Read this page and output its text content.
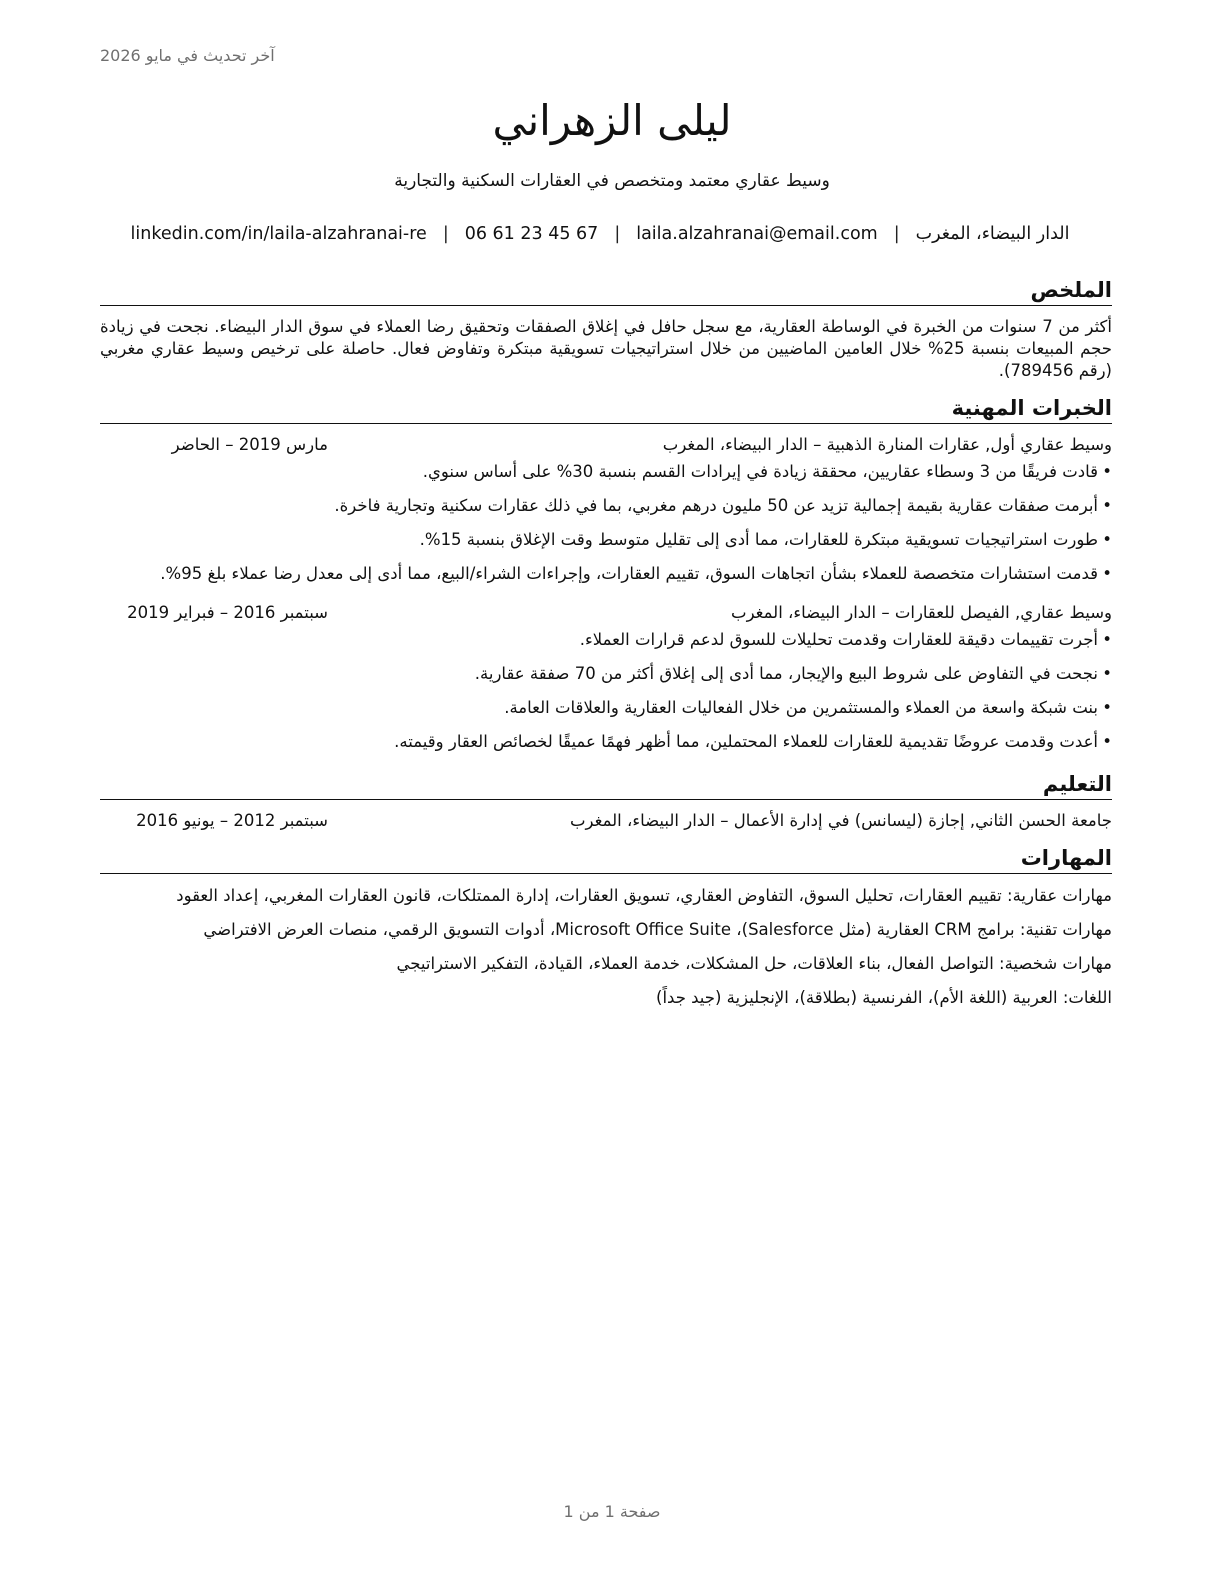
آخر تحديث في مايو 2026
ليلى الزهراني
وسيط عقاري معتمد ومتخصص في العقارات السكنية والتجارية
الدار البيضاء، المغرب
|
laila.alzahranai@email.com
|
06 61 23 45 67
|
linkedin.com/in/laila-alzahranai-re
الملخص

أكثر من 7 سنوات من الخبرة في الوساطة العقارية، مع سجل حافل في إغلاق الصفقات وتحقيق رضا العملاء في سوق الدار البيضاء. نجحت في زيادة حجم المبيعات بنسبة 25% خلال العامين الماضيين من خلال استراتيجيات تسويقية مبتكرة وتفاوض فعال. حاصلة على ترخيص وسيط عقاري مغربي (رقم 789456).

الخبرات المهنية
وسيط عقاري أول, عقارات المنارة الذهبية – الدار البيضاء، المغرب
مارس 2019 – الحاضر
• قادت فريقًا من 3 وسطاء عقاريين، محققة زيادة في إيرادات القسم بنسبة 30% على أساس سنوي.
• أبرمت صفقات عقارية بقيمة إجمالية تزيد عن 50 مليون درهم مغربي، بما في ذلك عقارات سكنية وتجارية فاخرة.
• طورت استراتيجيات تسويقية مبتكرة للعقارات، مما أدى إلى تقليل متوسط وقت الإغلاق بنسبة 15%.
• قدمت استشارات متخصصة للعملاء بشأن اتجاهات السوق، تقييم العقارات، وإجراءات الشراء/البيع، مما أدى إلى معدل رضا عملاء بلغ 95%.
وسيط عقاري, الفيصل للعقارات – الدار البيضاء، المغرب
سبتمبر 2016 – فبراير 2019
• أجرت تقييمات دقيقة للعقارات وقدمت تحليلات للسوق لدعم قرارات العملاء.
• نجحت في التفاوض على شروط البيع والإيجار، مما أدى إلى إغلاق أكثر من 70 صفقة عقارية.
• بنت شبكة واسعة من العملاء والمستثمرين من خلال الفعاليات العقارية والعلاقات العامة.
• أعدت وقدمت عروضًا تقديمية للعقارات للعملاء المحتملين، مما أظهر فهمًا عميقًا لخصائص العقار وقيمته.
التعليم
جامعة الحسن الثاني, إجازة (ليسانس) في إدارة الأعمال – الدار البيضاء، المغرب
سبتمبر 2012 – يونيو 2016
المهارات

مهارات عقارية: تقييم العقارات، تحليل السوق، التفاوض العقاري، تسويق العقارات، إدارة الممتلكات، قانون العقارات المغربي، إعداد العقود

مهارات تقنية: برامج CRM العقارية (مثل Salesforce)، Microsoft Office Suite، أدوات التسويق الرقمي، منصات العرض الافتراضي

مهارات شخصية: التواصل الفعال، بناء العلاقات، حل المشكلات، خدمة العملاء، القيادة، التفكير الاستراتيجي

اللغات: العربية (اللغة الأم)، الفرنسية (بطلاقة)، الإنجليزية (جيد جداً)

صفحة 1 من 1
